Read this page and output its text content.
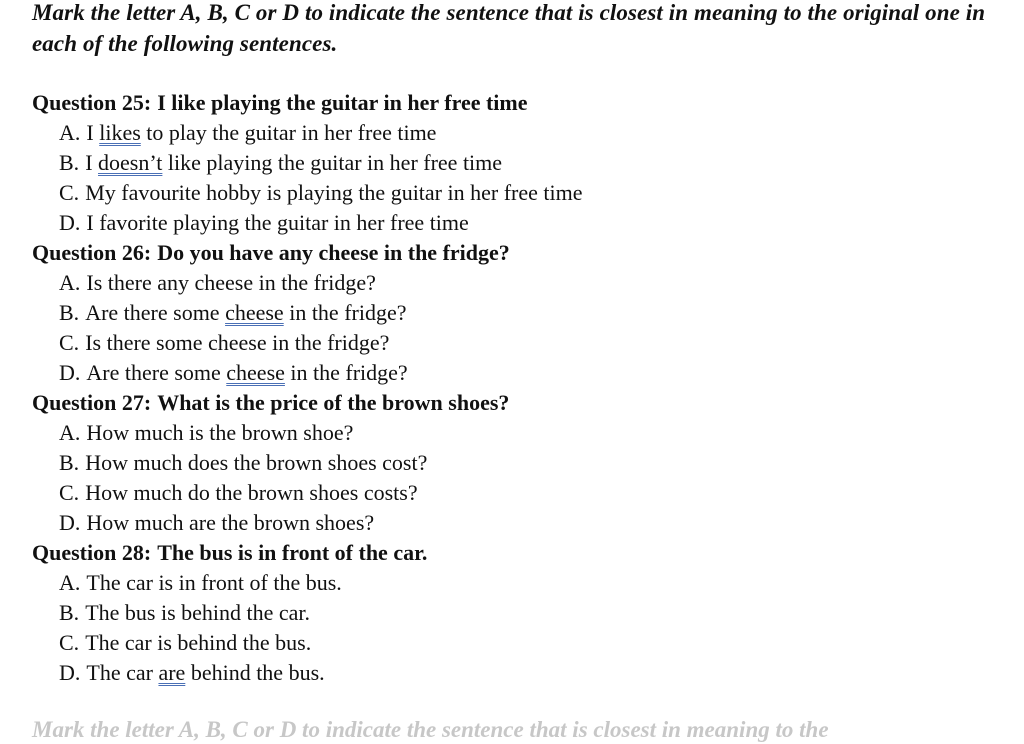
Mark the letter A, B, C or D to indicate the sentence that is closest in meaning to the original one in each of the following sentences.
Question 25: I like playing the guitar in her free time
A. I likes to play the guitar in her free time
B. I doesn’t like playing the guitar in her free time
C. My favourite hobby is playing the guitar in her free time
D. I favorite playing the guitar in her free time
Question 26: Do you have any cheese in the fridge?
A. Is there any cheese in the fridge?
B. Are there some cheese in the fridge?
C. Is there some cheese in the fridge?
D. Are there some cheese in the fridge?
Question 27: What is the price of the brown shoes?
A. How much is the brown shoe?
B. How much does the brown shoes cost?
C. How much do the brown shoes costs?
D. How much are the brown shoes?
Question 28: The bus is in front of the car.
A. The car is in front of the bus.
B. The bus is behind the car.
C. The car is behind the bus.
D. The car are behind the bus.
Mark the letter A, B, C or D to indicate the sentence that is closest in meaning to the
